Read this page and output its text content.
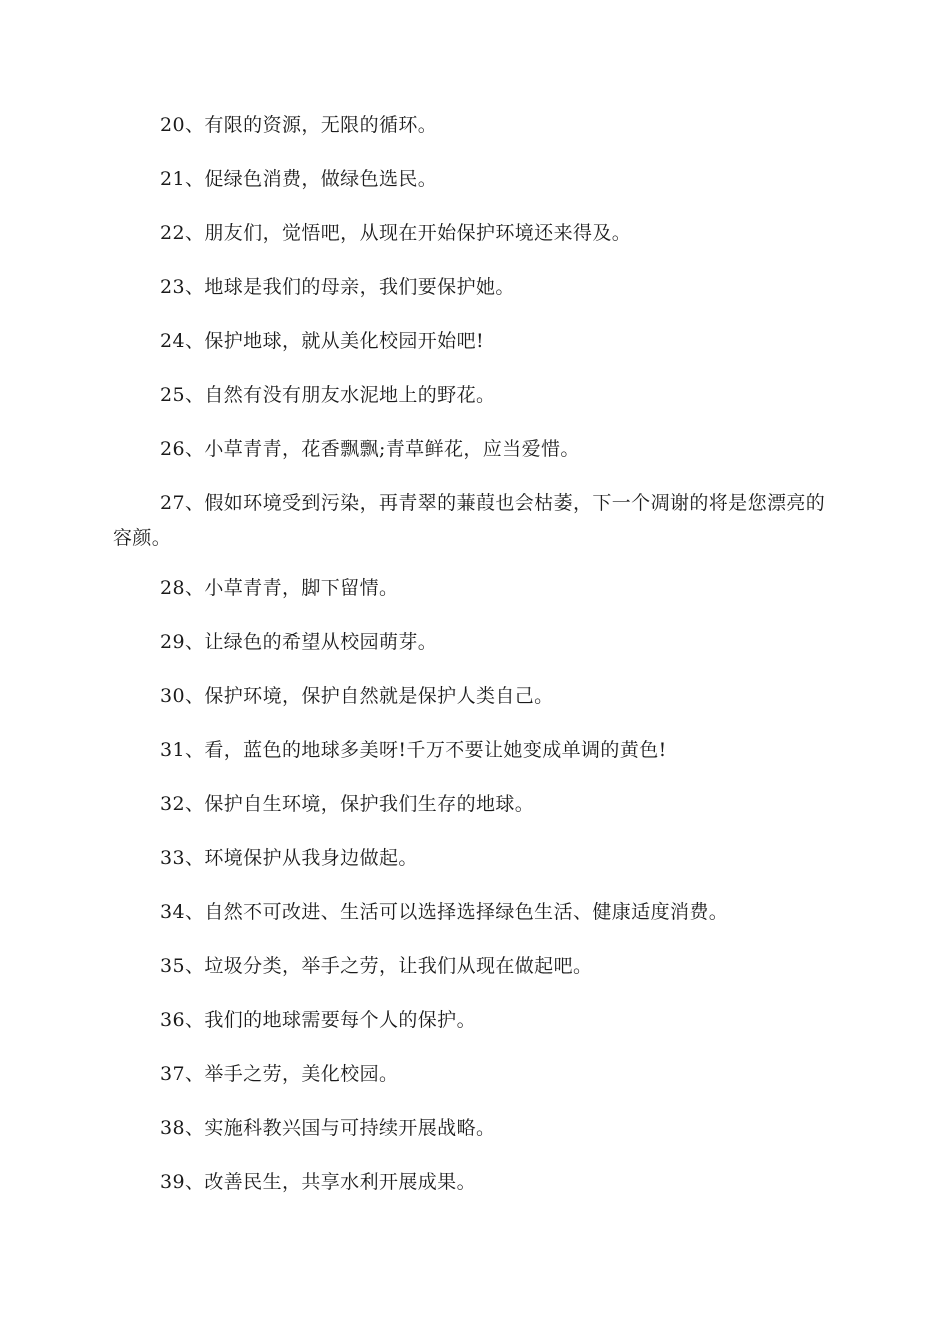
20、有限的资源，无限的循环。

21、促绿色消费，做绿色选民。

22、朋友们，觉悟吧，从现在开始保护环境还来得及。

23、地球是我们的母亲，我们要保护她。

24、保护地球，就从美化校园开始吧!

25、自然有没有朋友水泥地上的野花。

26、小草青青，花香飘飘;青草鲜花，应当爱惜。

27、假如环境受到污染，再青翠的蒹葭也会枯萎，下一个凋谢的将是您漂亮的容颜。

28、小草青青，脚下留情。

29、让绿色的希望从校园萌芽。

30、保护环境，保护自然就是保护人类自己。

31、看，蓝色的地球多美呀!千万不要让她变成单调的黄色!

32、保护自生环境，保护我们生存的地球。

33、环境保护从我身边做起。

34、自然不可改进、生活可以选择选择绿色生活、健康适度消费。

35、垃圾分类，举手之劳，让我们从现在做起吧。

36、我们的地球需要每个人的保护。

37、举手之劳，美化校园。

38、实施科教兴国与可持续开展战略。

39、改善民生，共享水利开展成果。
